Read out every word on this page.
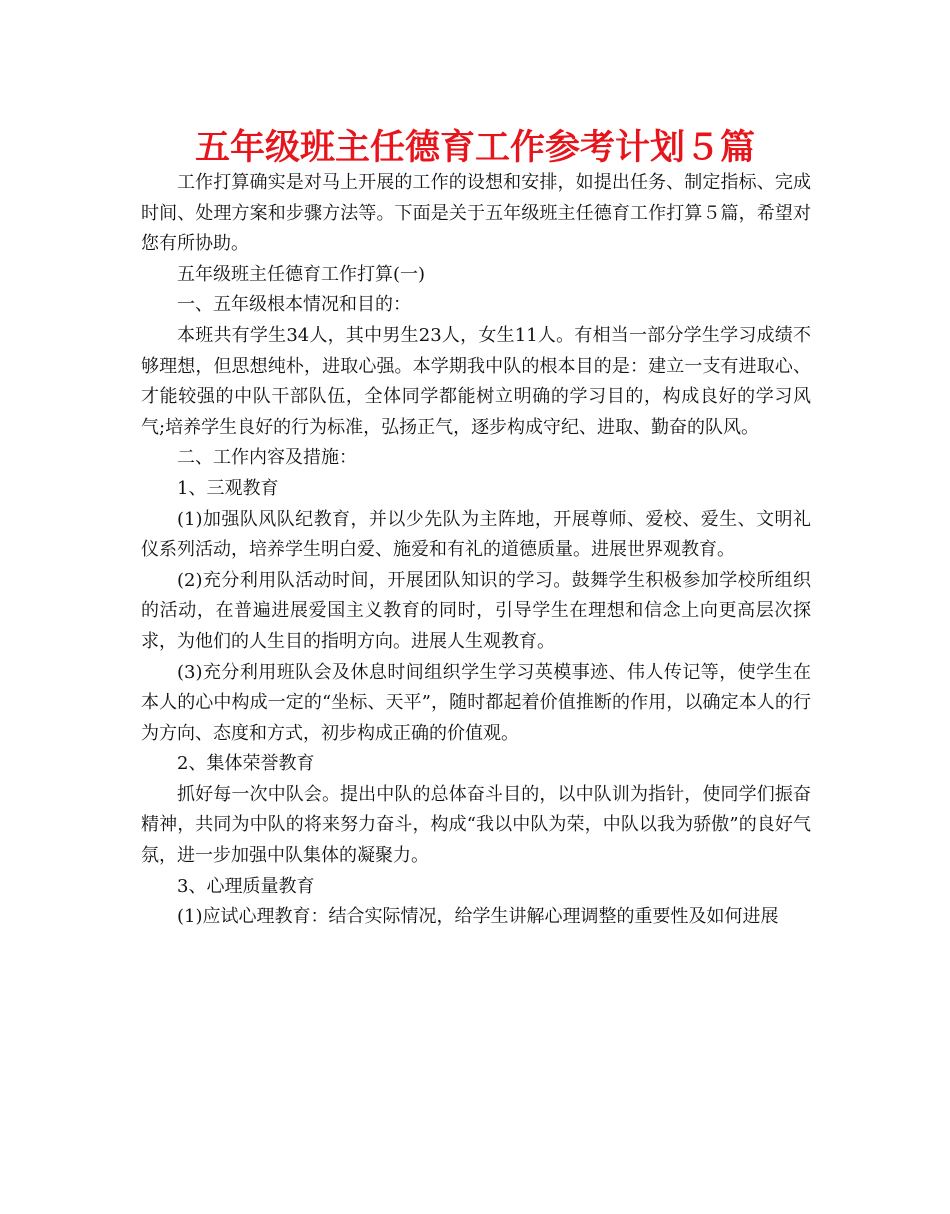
五年级班主任德育工作参考计划５篇

工作打算确实是对马上开展的工作的设想和安排，如提出任务、制定指标、完成时间、处理方案和步骤方法等。下面是关于五年级班主任德育工作打算５篇，希望对您有所协助。

五年级班主任德育工作打算(一)

一、五年级根本情况和目的：

本班共有学生34人，其中男生23人，女生11人。有相当一部分学生学习成绩不够理想，但思想纯朴，进取心强。本学期我中队的根本目的是：建立一支有进取心、才能较强的中队干部队伍，全体同学都能树立明确的学习目的，构成良好的学习风气;培养学生良好的行为标准，弘扬正气，逐步构成守纪、进取、勤奋的队风。

二、工作内容及措施：

1、三观教育

(1)加强队风队纪教育，并以少先队为主阵地，开展尊师、爱校、爱生、文明礼仪系列活动，培养学生明白爱、施爱和有礼的道德质量。进展世界观教育。

(2)充分利用队活动时间，开展团队知识的学习。鼓舞学生积极参加学校所组织的活动，在普遍进展爱国主义教育的同时，引导学生在理想和信念上向更高层次探求，为他们的人生目的指明方向。进展人生观教育。

(3)充分利用班队会及休息时间组织学生学习英模事迹、伟人传记等，使学生在本人的心中构成一定的“坐标、天平”，随时都起着价值推断的作用，以确定本人的行为方向、态度和方式，初步构成正确的价值观。

2、集体荣誉教育

抓好每一次中队会。提出中队的总体奋斗目的，以中队训为指针，使同学们振奋精神，共同为中队的将来努力奋斗，构成“我以中队为荣，中队以我为骄傲”的良好气氛，进一步加强中队集体的凝聚力。

3、心理质量教育

(1)应试心理教育：结合实际情况，给学生讲解心理调整的重要性及如何进展
